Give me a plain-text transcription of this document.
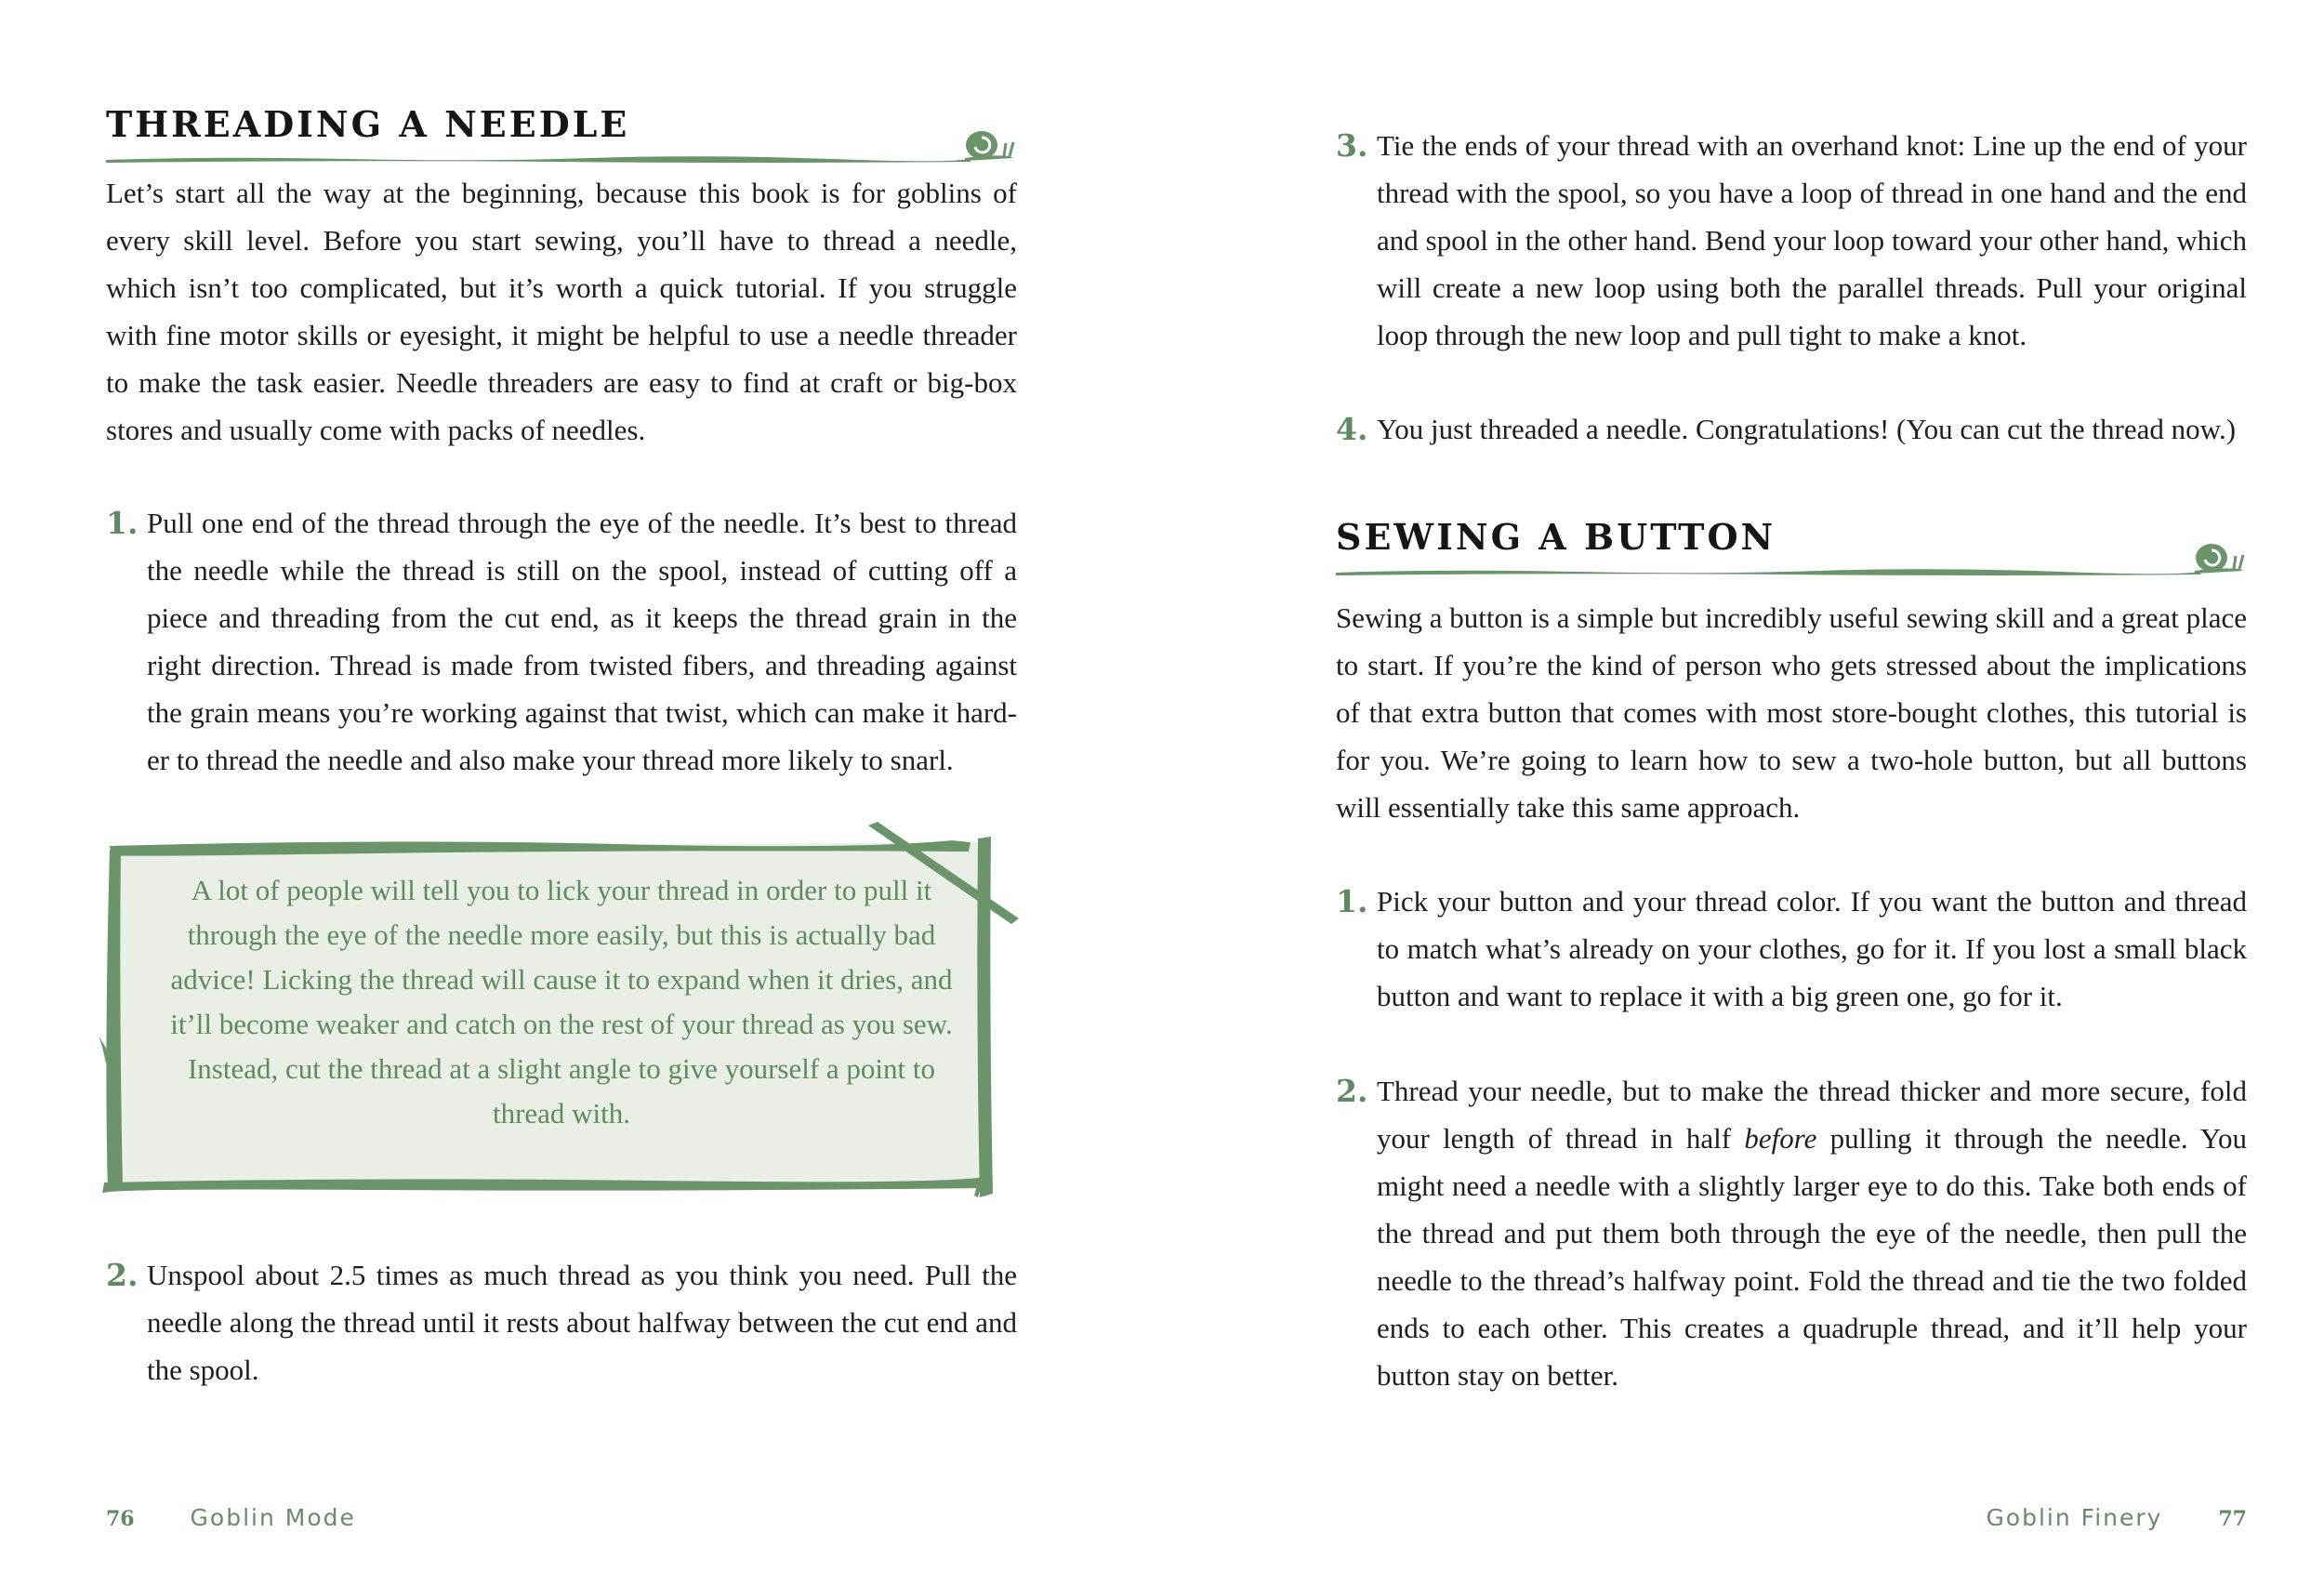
THREADING A NEEDLE

Let’s start all the way at the beginning, because this book is for goblins of every skill level. Before you start sewing, you’ll have to thread a needle, which isn’t too complicated, but it’s worth a quick tutorial. If you struggle with fine motor skills or eyesight, it might be helpful to use a needle threader to make the task easier. Needle threaders are easy to find at craft or big-box stores and usually come with packs of needles.

1. Pull one end of the thread through the eye of the needle. It’s best to thread the needle while the thread is still on the spool, instead of cutting off a piece and threading from the cut end, as it keeps the thread grain in the right direction. Thread is made from twisted fibers, and threading against the grain means you’re working against that twist, which can make it harder to thread the needle and also make your thread more likely to snarl.

A lot of people will tell you to lick your thread in order to pull it through the eye of the needle more easily, but this is actually bad advice! Licking the thread will cause it to expand when it dries, and it’ll become weaker and catch on the rest of your thread as you sew. Instead, cut the thread at a slight angle to give yourself a point to thread with.

2. Unspool about 2.5 times as much thread as you think you need. Pull the needle along the thread until it rests about halfway between the cut end and the spool.

76 Goblin Mode
3. Tie the ends of your thread with an overhand knot: Line up the end of your thread with the spool, so you have a loop of thread in one hand and the end and spool in the other hand. Bend your loop toward your other hand, which will create a new loop using both the parallel threads. Pull your original loop through the new loop and pull tight to make a knot.

4. You just threaded a needle. Congratulations! (You can cut the thread now.)

SEWING A BUTTON

Sewing a button is a simple but incredibly useful sewing skill and a great place to start. If you’re the kind of person who gets stressed about the implications of that extra button that comes with most store-bought clothes, this tutorial is for you. We’re going to learn how to sew a two-hole button, but all buttons will essentially take this same approach.

1. Pick your button and your thread color. If you want the button and thread to match what’s already on your clothes, go for it. If you lost a small black button and want to replace it with a big green one, go for it.

2. Thread your needle, but to make the thread thicker and more secure, fold your length of thread in half before pulling it through the needle. You might need a needle with a slightly larger eye to do this. Take both ends of the thread and put them both through the eye of the needle, then pull the needle to the thread’s halfway point. Fold the thread and tie the two folded ends to each other. This creates a quadruple thread, and it’ll help your button stay on better.

Goblin Finery	77
